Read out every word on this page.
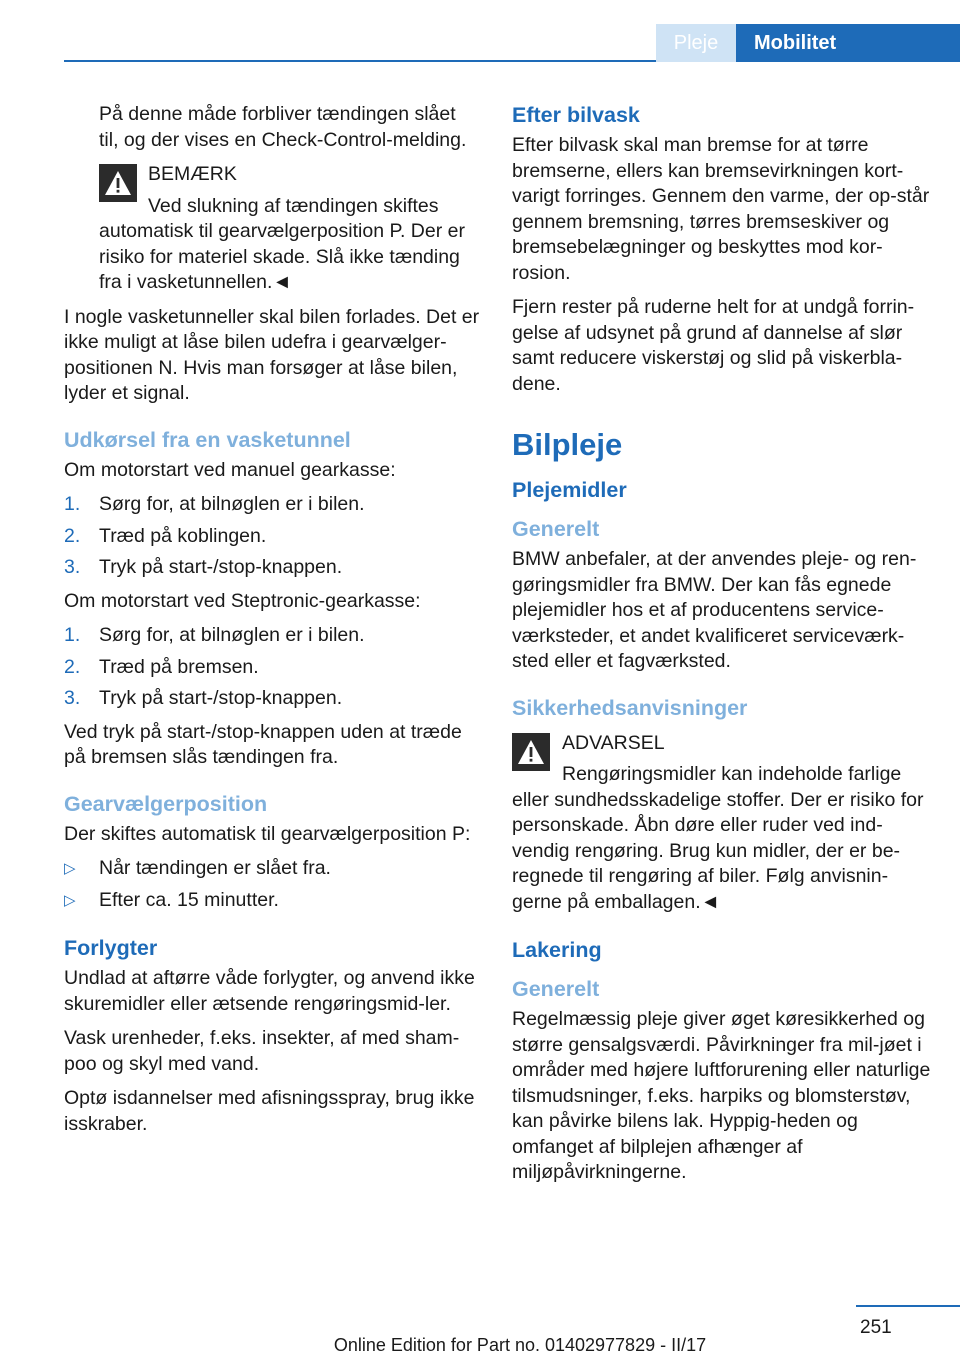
Pleje Mobilitet

På denne måde forbliver tændingen slået til, og der vises en Check-Control-melding.

BEMÆRK

Ved slukning af tændingen skiftes

automatisk til gearvælgerposition P. Der er risiko for materiel skade. Slå ikke tænding fra i vasketunnellen.◄

I nogle vasketunneller skal bilen forlades. Det er ikke muligt at låse bilen udefra i gearvælger-positionen N. Hvis man forsøger at låse bilen, lyder et signal.

Udkørsel fra en vasketunnel

Om motorstart ved manuel gearkasse:

1. Sørg for, at bilnøglen er i bilen.
2. Træd på koblingen.
3. Tryk på start-/stop-knappen.

Om motorstart ved Steptronic-gearkasse:

1. Sørg for, at bilnøglen er i bilen.
2. Træd på bremsen.
3. Tryk på start-/stop-knappen.

Ved tryk på start-/stop-knappen uden at træde på bremsen slås tændingen fra.

Gearvælgerposition

Der skiftes automatisk til gearvælgerposition P:

▷ Når tændingen er slået fra.
▷ Efter ca. 15 minutter.
Forlygter

Undlad at aftørre våde forlygter, og anvend ikke skuremidler eller ætsende rengøringsmid-ler.

Vask urenheder, f.eks. insekter, af med sham-poo og skyl med vand.

Optø isdannelser med afisningsspray, brug ikke isskraber.

Efter bilvask

Efter bilvask skal man bremse for at tørre bremserne, ellers kan bremsevirkningen kort-varigt forringes. Gennem den varme, der op-står gennem bremsning, tørres bremseskiver og bremsebelægninger og beskyttes mod kor-rosion.

Fjern rester på ruderne helt for at undgå forrin-gelse af udsynet på grund af dannelse af slør samt reducere viskerstøj og slid på viskerbla-dene.

Bilpleje
Plejemidler
Generelt

BMW anbefaler, at der anvendes pleje- og ren-gøringsmidler fra BMW. Der kan fås egnede plejemidler hos et af producentens service-værksteder, et andet kvalificeret serviceværk-sted eller et fagværksted.

Sikkerhedsanvisninger
ADVARSEL

Rengøringsmidler kan indeholde farlige

eller sundhedsskadelige stoffer. Der er risiko for personskade. Åbn døre eller ruder ved ind-vendig rengøring. Brug kun midler, der er be-regnede til rengøring af biler. Følg anvisnin-gerne på emballagen.◄

Lakering
Generelt

Regelmæssig pleje giver øget køresikkerhed og større gensalgsværdi. Påvirkninger fra mil-jøet i områder med højere luftforurening eller naturlige tilsmudsninger, f.eks. harpiks og blomsterstøv, kan påvirke bilens lak. Hyppig-heden og omfanget af bilplejen afhænger af miljøpåvirkningerne.

251
Online Edition for Part no. 01402977829 - II/17
